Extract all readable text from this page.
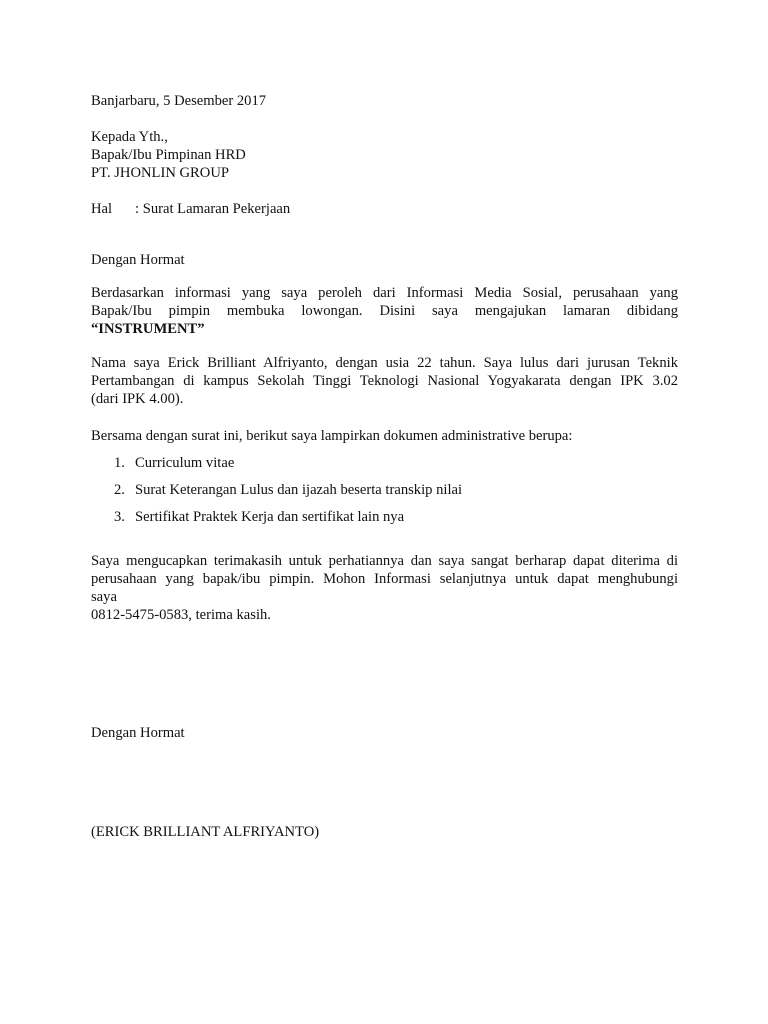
Banjarbaru, 5 Desember 2017
Kepada Yth.,
Bapak/Ibu Pimpinan HRD
PT. JHONLIN GROUP
Hal : Surat Lamaran Pekerjaan
Dengan Hormat
Berdasarkan informasi yang saya peroleh dari Informasi Media Sosial, perusahaan yang
Bapak/Ibu pimpin membuka lowongan. Disini saya mengajukan lamaran dibidang
“INSTRUMENT”
Nama saya Erick Brilliant Alfriyanto, dengan usia 22 tahun. Saya lulus dari jurusan Teknik
Pertambangan di kampus Sekolah Tinggi Teknologi Nasional Yogyakarata dengan IPK 3.02
(dari IPK 4.00).
Bersama dengan surat ini, berikut saya lampirkan dokumen administrative berupa:
1. Curriculum vitae
2. Surat Keterangan Lulus dan ijazah beserta transkip nilai
3. Sertifikat Praktek Kerja dan sertifikat lain nya
Saya mengucapkan terimakasih untuk perhatiannya dan saya sangat berharap dapat diterima di
perusahaan yang bapak/ibu pimpin. Mohon Informasi selanjutnya untuk dapat menghubungi
saya
0812-5475-0583, terima kasih.
Dengan Hormat
(ERICK BRILLIANT ALFRIYANTO)
